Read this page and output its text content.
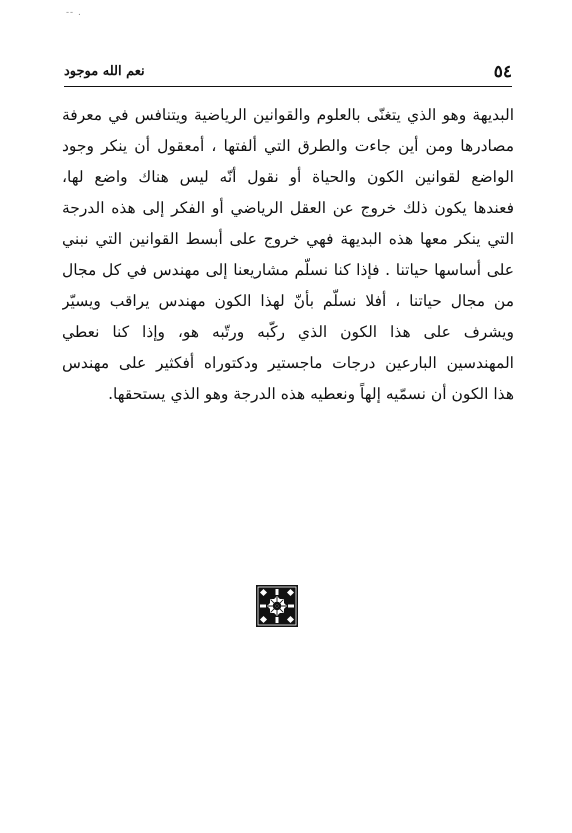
-- .
٥٤
نعم الله موجود
البديهة وهو الذي يتغنّى بالعلوم والقوانين الرياضية ويتنافس في معرفة
مصادرها ومن أين جاءت والطرق التي ألفتها ، أمعقول أن ينكر وجود
الواضع لقوانين الكون والحياة أو نقول أنّه ليس هناك واضع لها،
فعندها يكون ذلك خروج عن العقل الرياضي أو الفكر إلى هذه الدرجة
التي ينكر معها هذه البديهة فهي خروج على أبسط القوانين التي نبني
على أساسها حياتنا . فإذا كنا نسلّم مشاريعنا إلى مهندس في كل مجال
من مجال حياتنا ، أفلا نسلّم بأنّ لهذا الكون مهندس يراقب ويسيّر
ويشرف على هذا الكون الذي ركّبه ورتّبه هو، وإذا كنا نعطي
المهندسين البارعين درجات ماجستير ودكتوراه أفكثير على مهندس
هذا الكون أن نسمّيه إلهاً ونعطيه هذه الدرجة وهو الذي يستحقها.
